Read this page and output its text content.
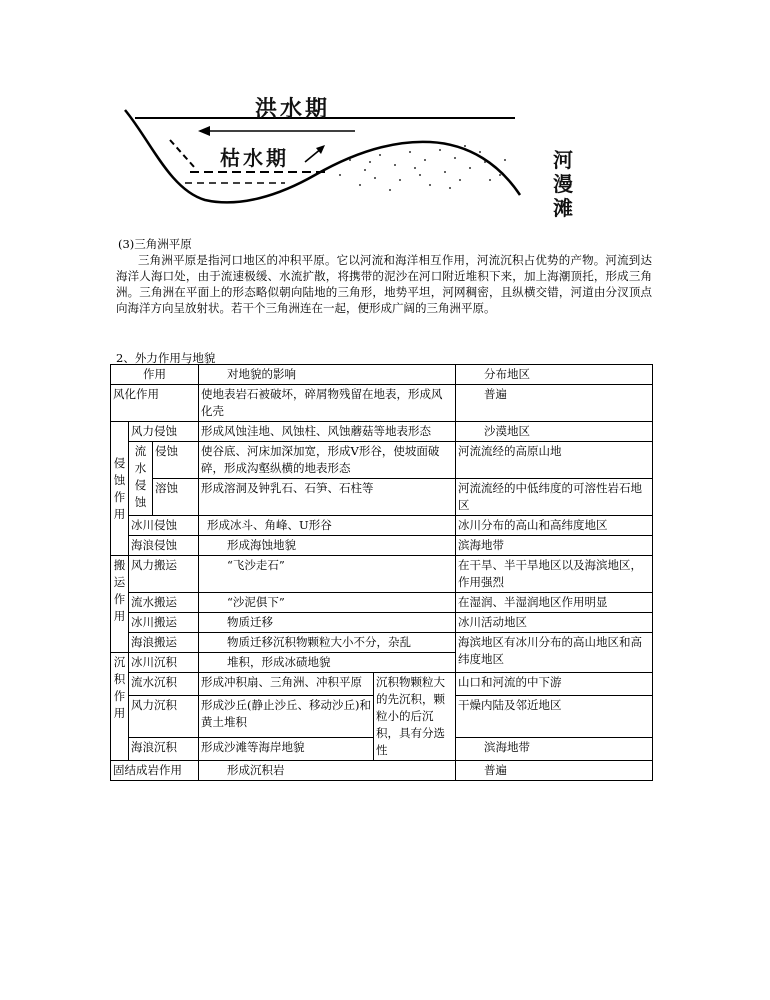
洪水期
枯水期	河
漫
滩
(3)三角洲平原
三角洲平原是指河口地区的冲积平原。它以河流和海洋相互作用，河流沉积占优势的产物。河流到达海洋人海口处，由于流速极缓、水流扩散，将携带的泥沙在河口附近堆积下来，加上海潮顶托，形成三角洲。三角洲在平面上的形态略似朝向陆地的三角形，地势平坦，河网稠密，且纵横交错，河道由分汊顶点向海洋方向呈放射状。若干个三角洲连在一起，便形成广阔的三角洲平原。
2、外力作用与地貌
作用			对地貌的影响		分布地区
风化作用			使地表岩石被破坏，碎屑物残留在地表，形成风化壳		普遍
侵
蚀
作
用	风力侵蚀		形成风蚀洼地、风蚀柱、风蚀蘑菇等地表形态		沙漠地区
	流
水
侵
蚀	侵蚀	使谷底、河床加深加宽，形成V形谷，使坡面破碎，形成沟壑纵横的地表形态		河流流经的高原山地
		溶蚀	形成溶洞及钟乳石、石笋、石柱等		河流流经的中低纬度的可溶性岩石地区
	冰川侵蚀		形成冰斗、角峰、U形谷		冰川分布的高山和高纬度地区
	海浪侵蚀		形成海蚀地貌		滨海地带
搬
运
作
用	风力搬运		“飞沙走石”		在干旱、半干旱地区以及海滨地区，作用强烈
	流水搬运		“沙泥俱下”		在湿润、半湿润地区作用明显
	冰川搬运		物质迁移		冰川活动地区
	海浪搬运		物质迁移沉积物颗粒大小不分，杂乱		海滨地区有冰川分布的高山地区和高纬度地区
沉
积
作
用	冰川沉积		堆积，形成冰碛地貌		
	流水沉积		形成冲积扇、三角洲、冲积平原	沉积物颗粒大的先沉积，颗粒小的后沉积，具有分选性	山口和河流的中下游
	风力沉积		形成沙丘(静止沙丘、移动沙丘)和黄土堆积		干燥内陆及邻近地区
	海浪沉积		形成沙滩等海岸地貌		滨海地带
固结成岩作用			形成沉积岩		普遍
